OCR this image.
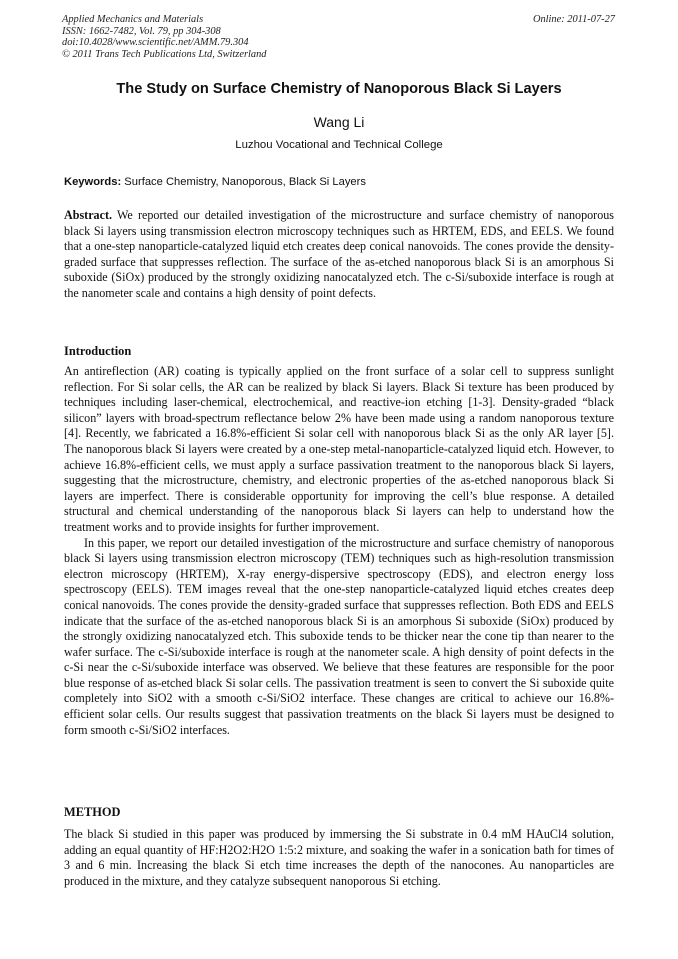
Applied Mechanics and Materials
ISSN: 1662-7482, Vol. 79, pp 304-308
doi:10.4028/www.scientific.net/AMM.79.304
© 2011 Trans Tech Publications Ltd, Switzerland
Online: 2011-07-27
The Study on Surface Chemistry of Nanoporous Black Si Layers
Wang Li
Luzhou Vocational and Technical College
Keywords: Surface Chemistry, Nanoporous, Black Si Layers
Abstract. We reported our detailed investigation of the microstructure and surface chemistry of nanoporous black Si layers using transmission electron microscopy techniques such as HRTEM, EDS, and EELS. We found that a one-step nanoparticle-catalyzed liquid etch creates deep conical nanovoids. The cones provide the density-graded surface that suppresses reflection. The surface of the as-etched nanoporous black Si is an amorphous Si suboxide (SiOx) produced by the strongly oxidizing nanocatalyzed etch. The c-Si/suboxide interface is rough at the nanometer scale and contains a high density of point defects.
Introduction

An antireflection (AR) coating is typically applied on the front surface of a solar cell to suppress sunlight reflection. For Si solar cells, the AR can be realized by black Si layers. Black Si texture has been produced by techniques including laser-chemical, electrochemical, and reactive-ion etching [1-3]. Density-graded “black silicon” layers with broad-spectrum reflectance below 2% have been made using a random nanoporous texture [4]. Recently, we fabricated a 16.8%-efficient Si solar cell with nanoporous black Si as the only AR layer [5]. The nanoporous black Si layers were created by a one-step metal-nanoparticle-catalyzed liquid etch. However, to achieve 16.8%-efficient cells, we must apply a surface passivation treatment to the nanoporous black Si layers, suggesting that the microstructure, chemistry, and electronic properties of the as-etched nanoporous black Si layers are imperfect. There is considerable opportunity for improving the cell’s blue response. A detailed structural and chemical understanding of the nanoporous black Si layers can help to understand how the treatment works and to provide insights for further improvement.

In this paper, we report our detailed investigation of the microstructure and surface chemistry of nanoporous black Si layers using transmission electron microscopy (TEM) techniques such as high-resolution transmission electron microscopy (HRTEM), X-ray energy-dispersive spectroscopy (EDS), and electron energy loss spectroscopy (EELS). TEM images reveal that the one-step nanoparticle-catalyzed liquid etches creates deep conical nanovoids. The cones provide the density-graded surface that suppresses reflection. Both EDS and EELS indicate that the surface of the as-etched nanoporous black Si is an amorphous Si suboxide (SiOx) produced by the strongly oxidizing nanocatalyzed etch. This suboxide tends to be thicker near the cone tip than nearer to the wafer surface. The c-Si/suboxide interface is rough at the nanometer scale. A high density of point defects in the c-Si near the c-Si/suboxide interface was observed. We believe that these features are responsible for the poor blue response of as-etched black Si solar cells. The passivation treatment is seen to convert the Si suboxide quite completely into SiO2 with a smooth c-Si/SiO2 interface. These changes are critical to achieve our 16.8%-efficient solar cells. Our results suggest that passivation treatments on the black Si layers must be designed to form smooth c-Si/SiO2 interfaces.

METHOD

The black Si studied in this paper was produced by immersing the Si substrate in 0.4 mM HAuCl4 solution, adding an equal quantity of HF:H2O2:H2O 1:5:2 mixture, and soaking the wafer in a sonication bath for times of 3 and 6 min. Increasing the black Si etch time increases the depth of the nanocones. Au nanoparticles are produced in the mixture, and they catalyze subsequent nanoporous Si etching.
